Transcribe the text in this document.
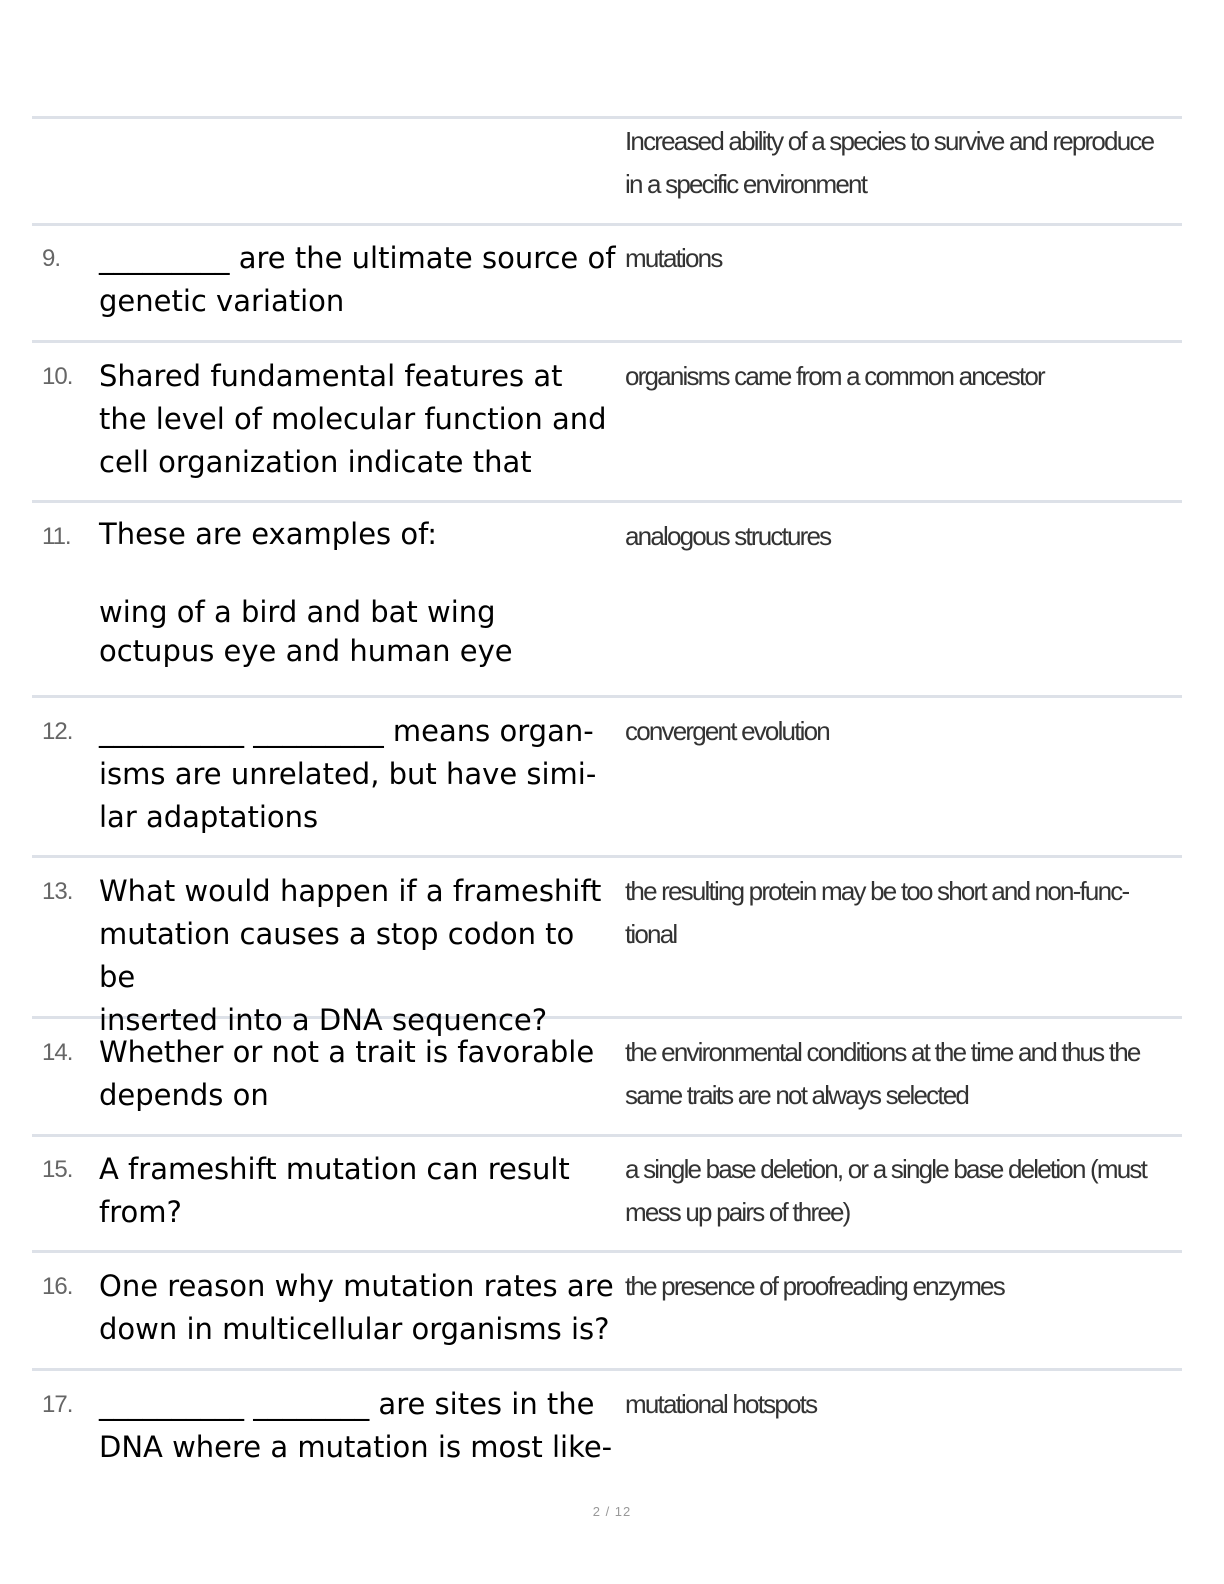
Increased ability of a species to survive and reproduce
in a specific environment
9. _________ are the ultimate source of
genetic variation
mutations
10. Shared fundamental features at
the level of molecular function and
cell organization indicate that
organisms came from a common ancestor
11. These are examples of:

wing of a bird and bat wing
octupus eye and human eye
analogous structures
12. __________ _________ means organ-
isms are unrelated, but have simi-
lar adaptations
convergent evolution
13. What would happen if a frameshift
mutation causes a stop codon to be
inserted into a DNA sequence?
the resulting protein may be too short and non-func-
tional
14. Whether or not a trait is favorable
depends on
the environmental conditions at the time and thus the
same traits are not always selected
15. A frameshift mutation can result
from?
a single base deletion, or a single base deletion (must
mess up pairs of three)
16. One reason why mutation rates are
down in multicellular organisms is?
the presence of proofreading enzymes
17. __________ ________ are sites in the
DNA where a mutation is most like-
mutational hotspots
2 / 12
